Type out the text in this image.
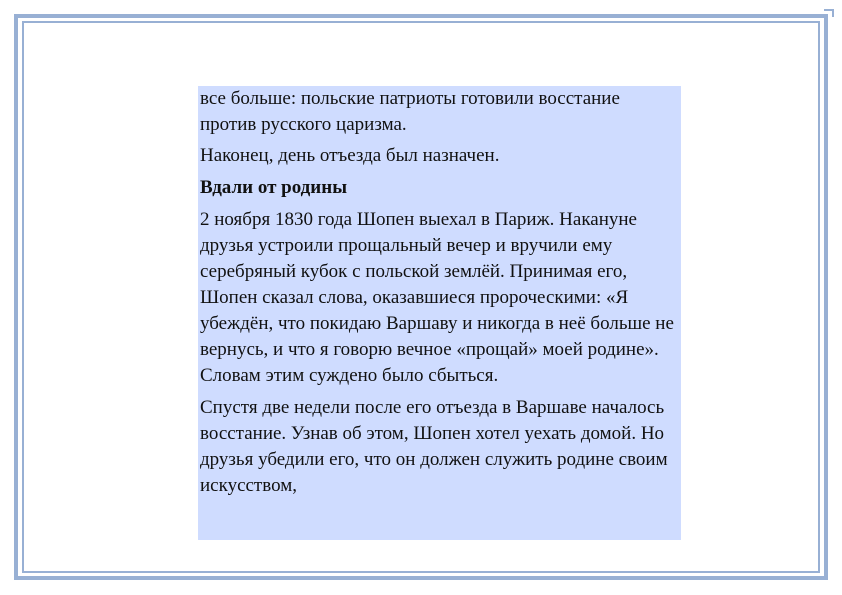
все больше: польские патриоты готовили восстание против русского царизма.

Наконец, день отъезда был назначен.

Вдали от родины

2 ноября 1830 года Шопен выехал в Париж. Накануне друзья устроили прощальный вечер и вручили ему серебряный кубок с польской землёй. Принимая его, Шопен сказал слова, оказавшиеся пророческими: «Я убеждён, что покидаю Варшаву и никогда в неё больше не вернусь, и что я говорю вечное «прощай» моей родине». Словам этим суждено было сбыться.

Спустя две недели после его отъезда в Варшаве началось восстание. Узнав об этом, Шопен хотел уехать домой. Но друзья убедили его, что он должен служить родине своим искусством,
